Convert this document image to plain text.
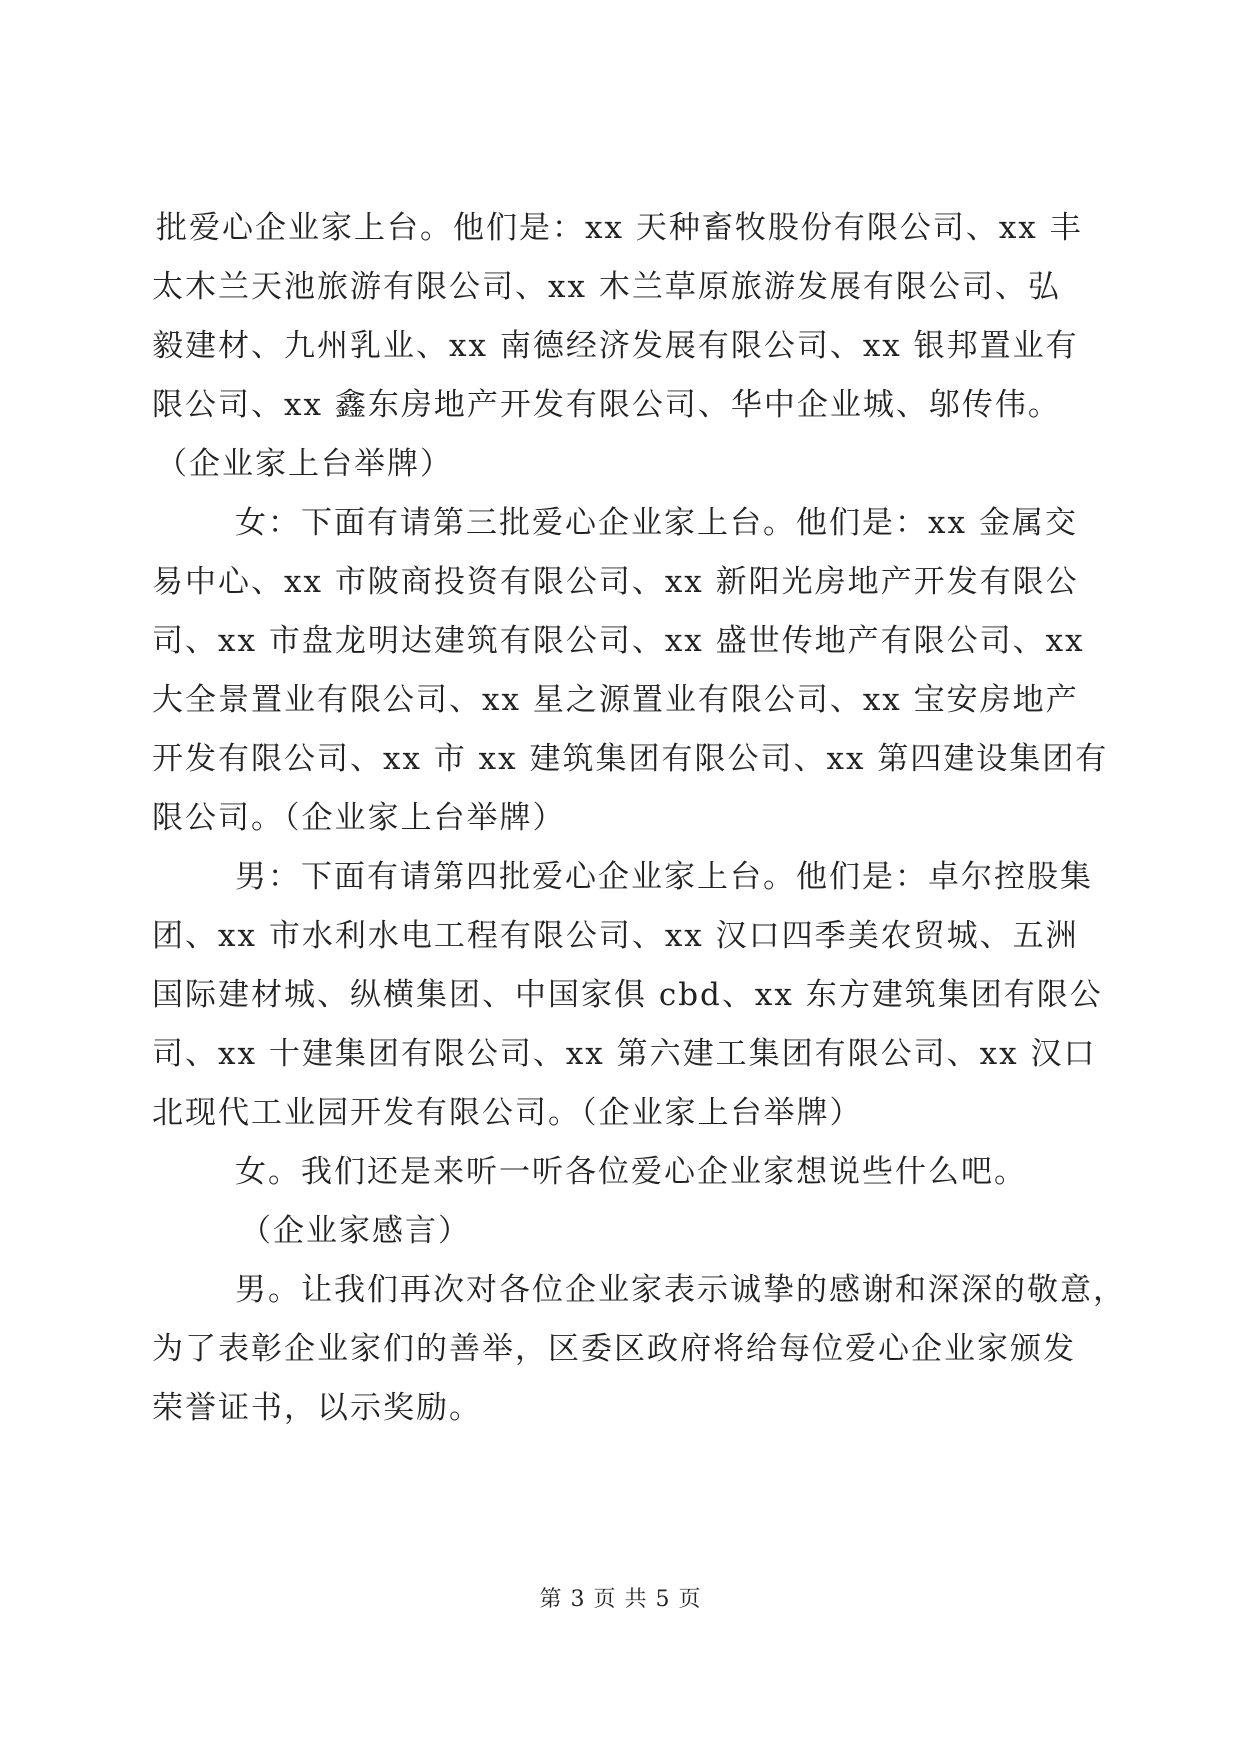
批爱心企业家上台。他们是：xx 天种畜牧股份有限公司、xx 丰
太木兰天池旅游有限公司、xx 木兰草原旅游发展有限公司、弘
毅建材、九州乳业、xx 南德经济发展有限公司、xx 银邦置业有
限公司、xx 鑫东房地产开发有限公司、华中企业城、邬传伟。
（企业家上台举牌）
女：下面有请第三批爱心企业家上台。他们是：xx 金属交
易中心、xx 市陂商投资有限公司、xx 新阳光房地产开发有限公
司、xx 市盘龙明达建筑有限公司、xx 盛世传地产有限公司、xx
大全景置业有限公司、xx 星之源置业有限公司、xx 宝安房地产
开发有限公司、xx 市 xx 建筑集团有限公司、xx 第四建设集团有
限公司。（企业家上台举牌）
男：下面有请第四批爱心企业家上台。他们是：卓尔控股集
团、xx 市水利水电工程有限公司、xx 汉口四季美农贸城、五洲
国际建材城、纵横集团、中国家俱 cbd、xx 东方建筑集团有限公
司、xx 十建集团有限公司、xx 第六建工集团有限公司、xx 汉口
北现代工业园开发有限公司。（企业家上台举牌）
女。我们还是来听一听各位爱心企业家想说些什么吧。
（企业家感言）
男。让我们再次对各位企业家表示诚挚的感谢和深深的敬意，
为了表彰企业家们的善举，区委区政府将给每位爱心企业家颁发
荣誉证书，以示奖励。
第 3 页 共 5 页
